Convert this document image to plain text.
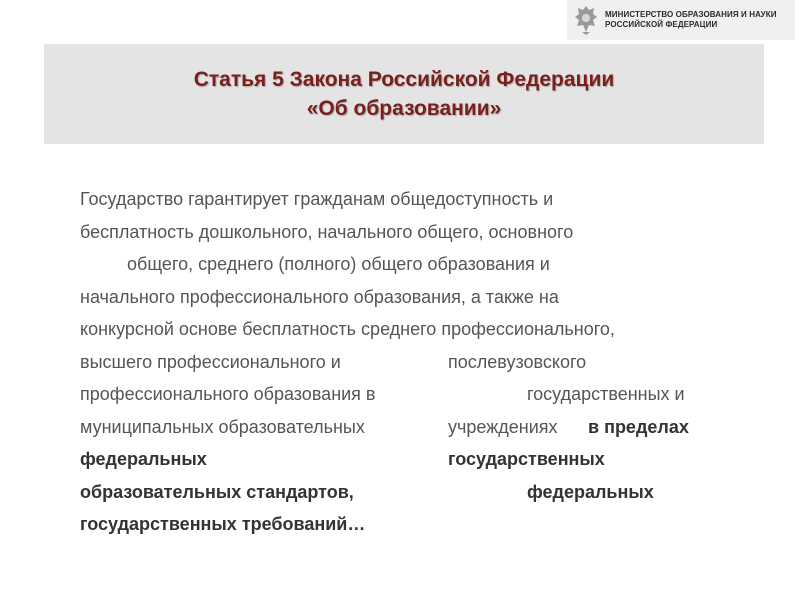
МИНИСТЕРСТВО ОБРАЗОВАНИЯ И НАУКИ
РОССИЙСКОЙ ФЕДЕРАЦИИ
Статья 5 Закона Российской Федерации
«Об образовании»
Государство гарантирует гражданам общедоступность и
бесплатность дошкольного, начального общего, основного
общего, среднего (полного) общего образования и
начального профессионального образования, а также на
конкурсной основе бесплатность среднего профессионального,
высшего профессионального и	послевузовского
профессионального образования в	государственных и
муниципальных образовательных	учреждениях в пределах
федеральных	государственных
образовательных стандартов,	федеральных
государственных требований…
